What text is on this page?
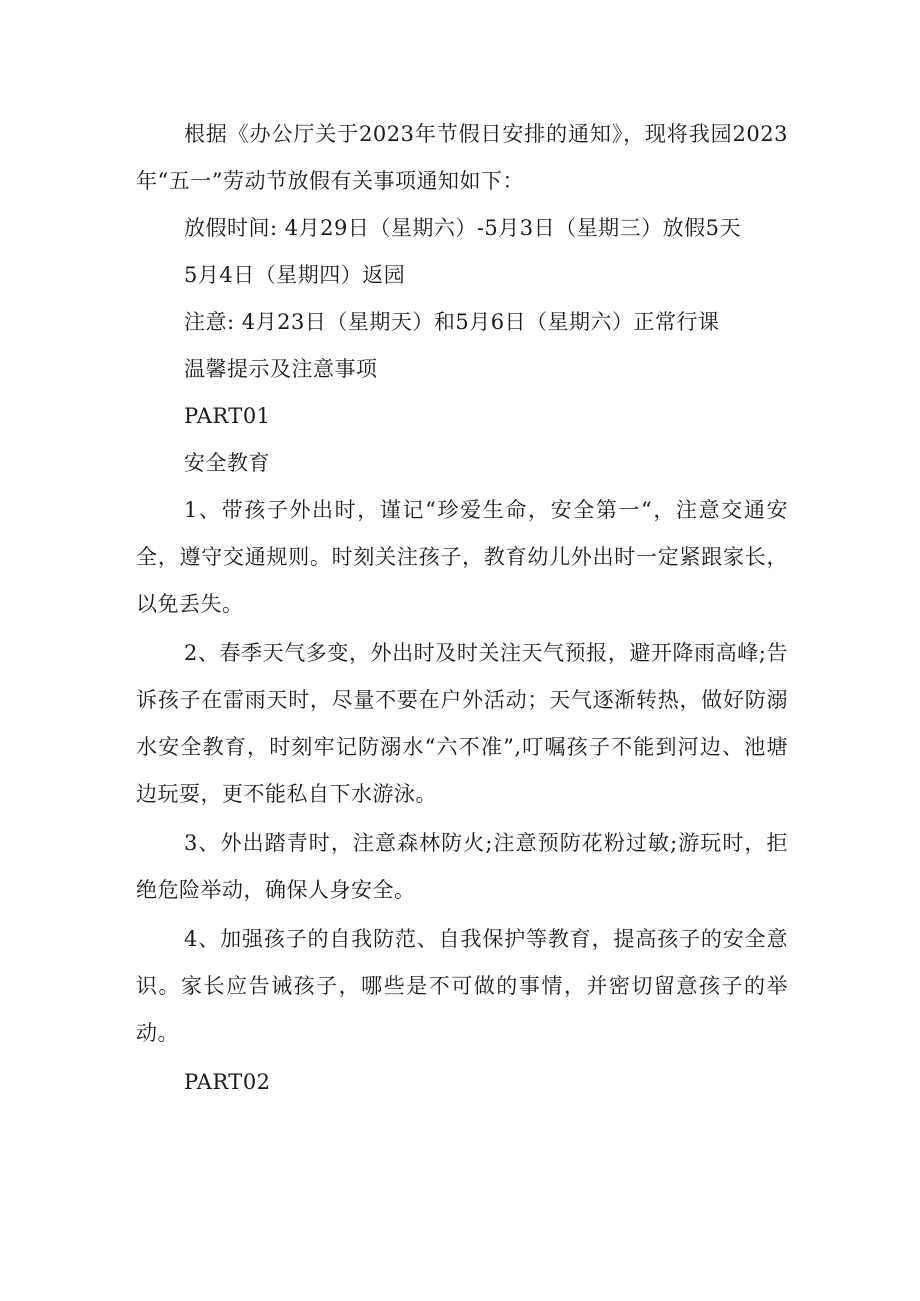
根据《办公厅关于2023年节假日安排的通知》，现将我园2023年“五一”劳动节放假有关事项通知如下：

放假时间: 4月29日（星期六）-5月3日（星期三）放假5天

5月4日（星期四）返园

注意: 4月23日（星期天）和5月6日（星期六）正常行课

温馨提示及注意事项

PART01

安全教育

1、带孩子外出时，谨记“珍爱生命，安全第一“，注意交通安全，遵守交通规则。时刻关注孩子，教育幼儿外出时一定紧跟家长，以免丢失。

2、春季天气多变，外出时及时关注天气预报，避开降雨高峰;告诉孩子在雷雨天时，尽量不要在户外活动；天气逐渐转热，做好防溺水安全教育，时刻牢记防溺水“六不准”,叮嘱孩子不能到河边、池塘边玩耍，更不能私自下水游泳。

3、外出踏青时，注意森林防火;注意预防花粉过敏;游玩时，拒绝危险举动，确保人身安全。

4、加强孩子的自我防范、自我保护等教育，提高孩子的安全意识。家长应告诫孩子，哪些是不可做的事情，并密切留意孩子的举动。

PART02
